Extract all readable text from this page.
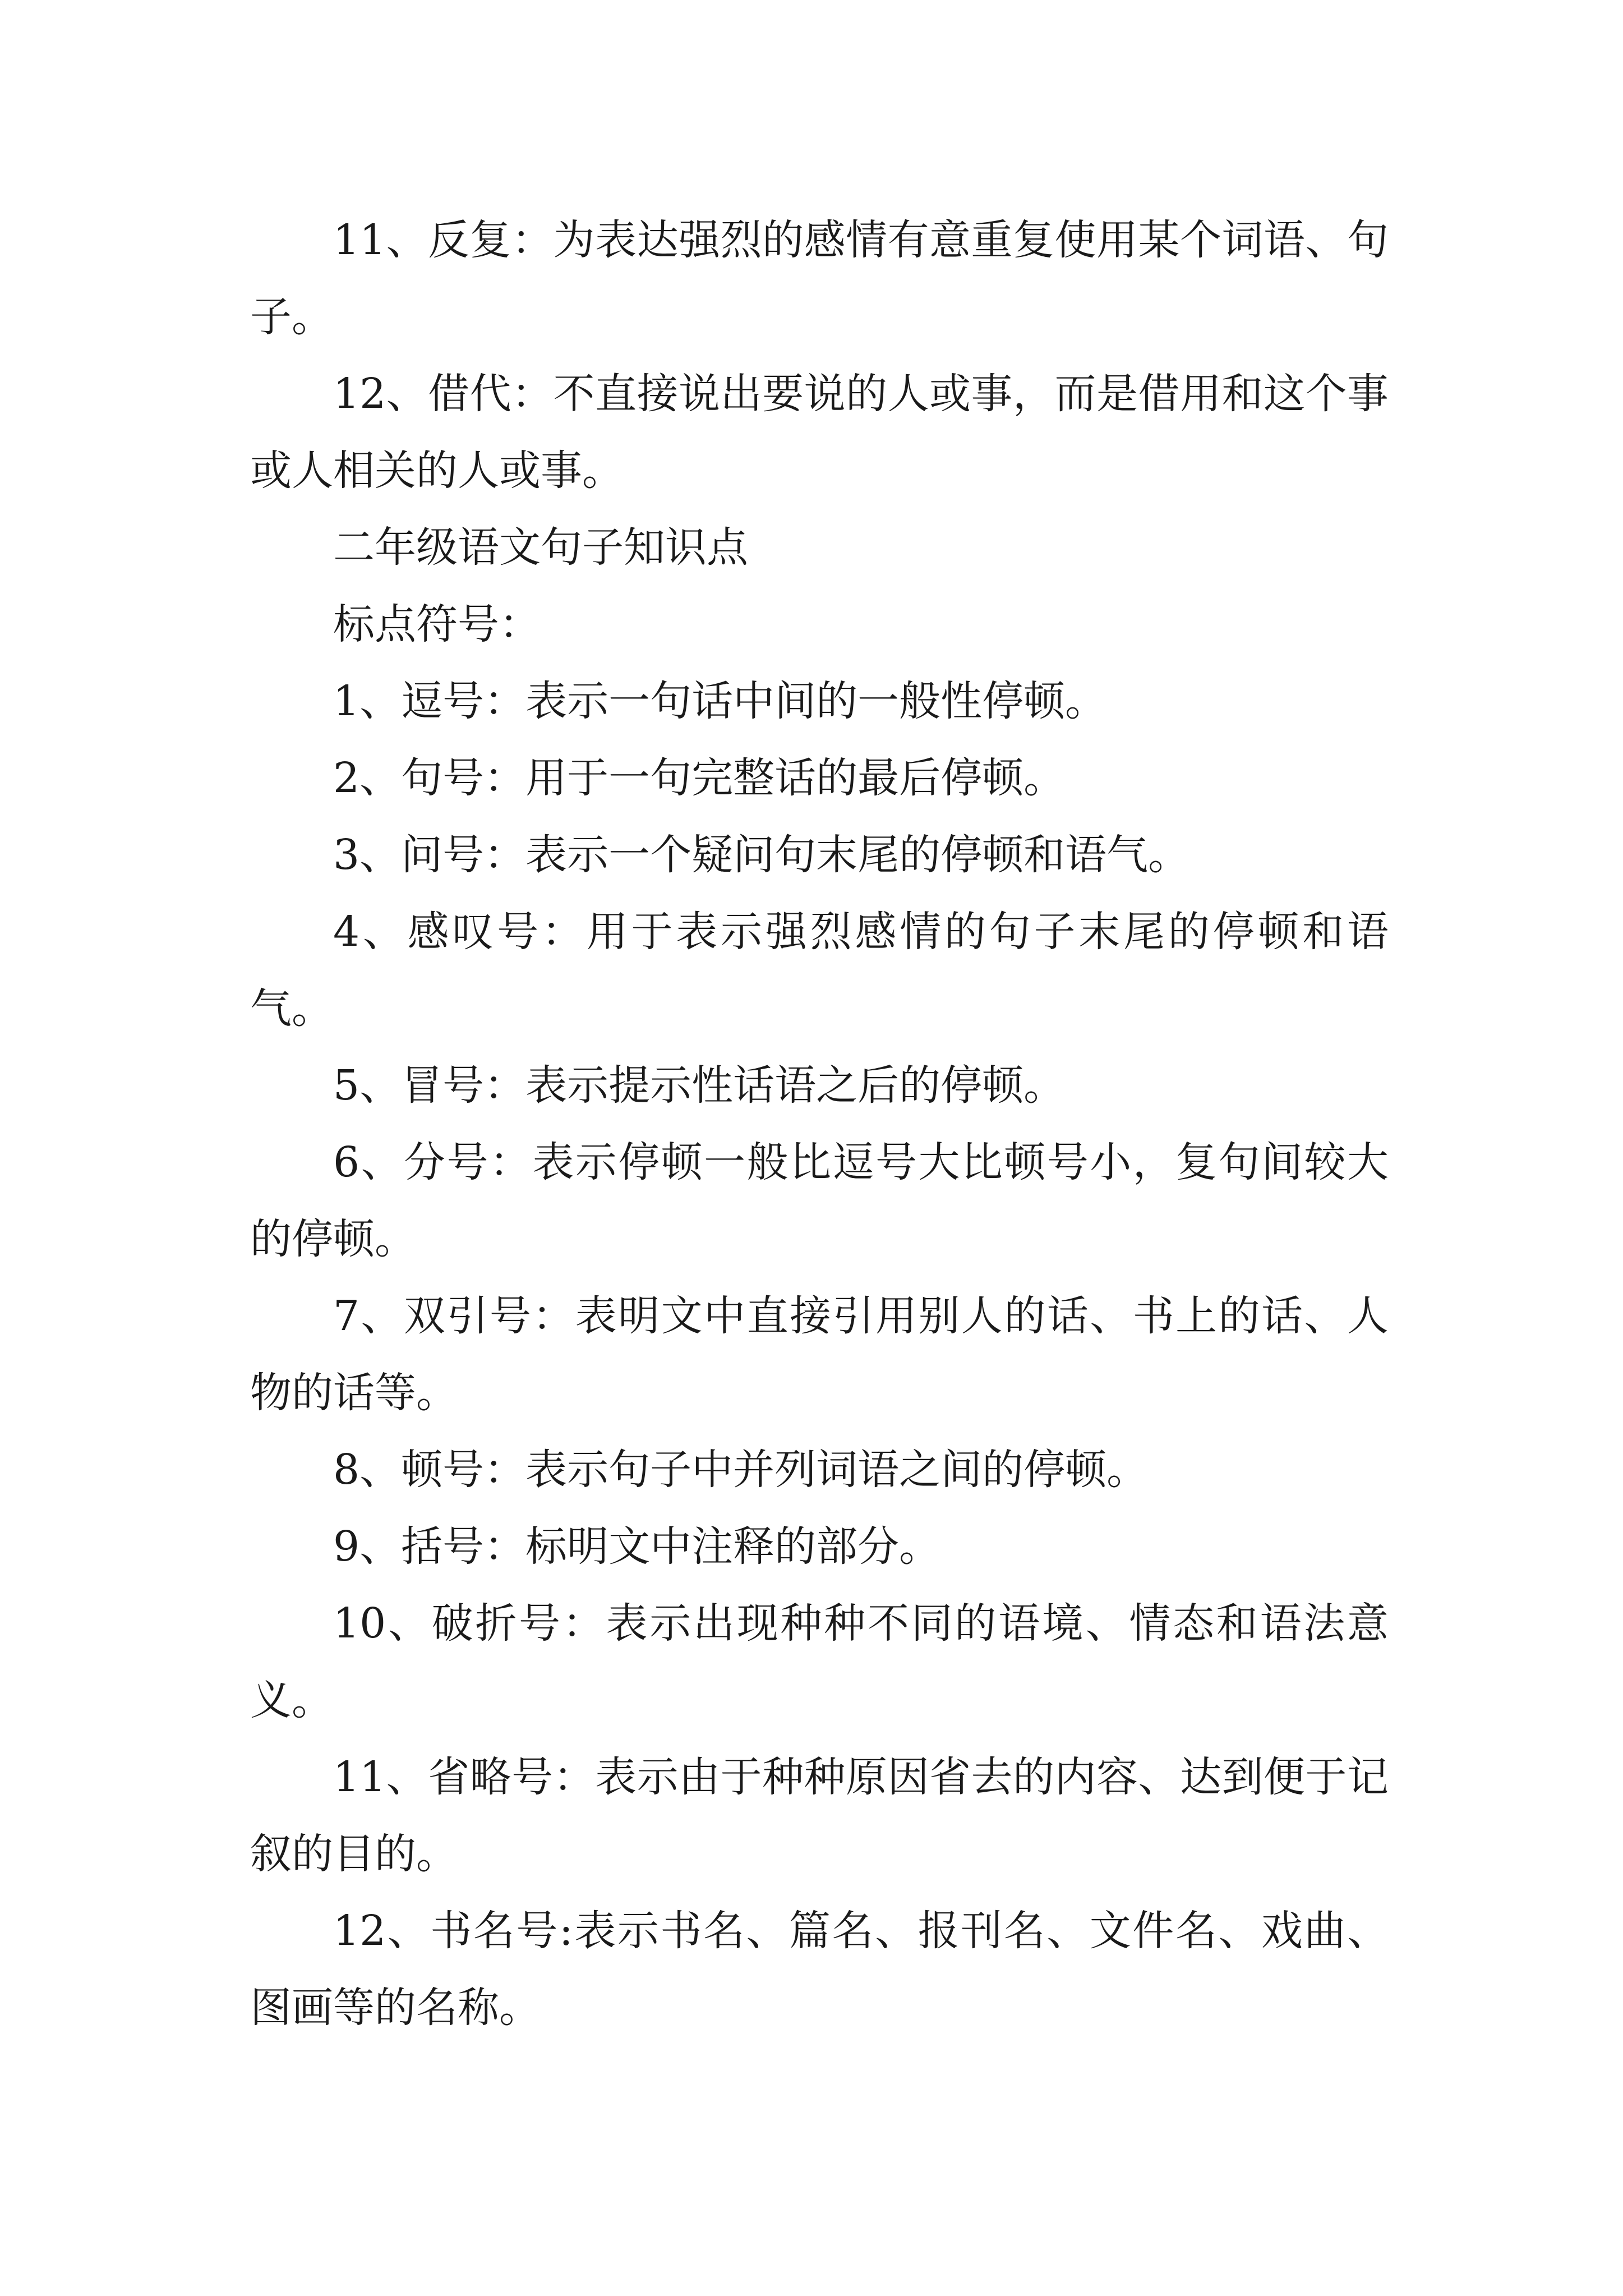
11、反复：为表达强烈的感情有意重复使用某个词语、句子。

12、借代：不直接说出要说的人或事，而是借用和这个事或人相关的人或事。

二年级语文句子知识点

标点符号：

1、逗号：表示一句话中间的一般性停顿。

2、句号：用于一句完整话的最后停顿。

3、问号：表示一个疑问句末尾的停顿和语气。

4、感叹号：用于表示强烈感情的句子末尾的停顿和语气。

5、冒号：表示提示性话语之后的停顿。

6、分号：表示停顿一般比逗号大比顿号小，复句间较大的停顿。

7、双引号：表明文中直接引用别人的话、书上的话、人物的话等。

8、顿号：表示句子中并列词语之间的停顿。

9、括号：标明文中注释的部分。

10、破折号：表示出现种种不同的语境、情态和语法意义。

11、省略号：表示由于种种原因省去的内容、达到便于记叙的目的。

12、书名号:表示书名、篇名、报刊名、文件名、戏曲、图画等的名称。
